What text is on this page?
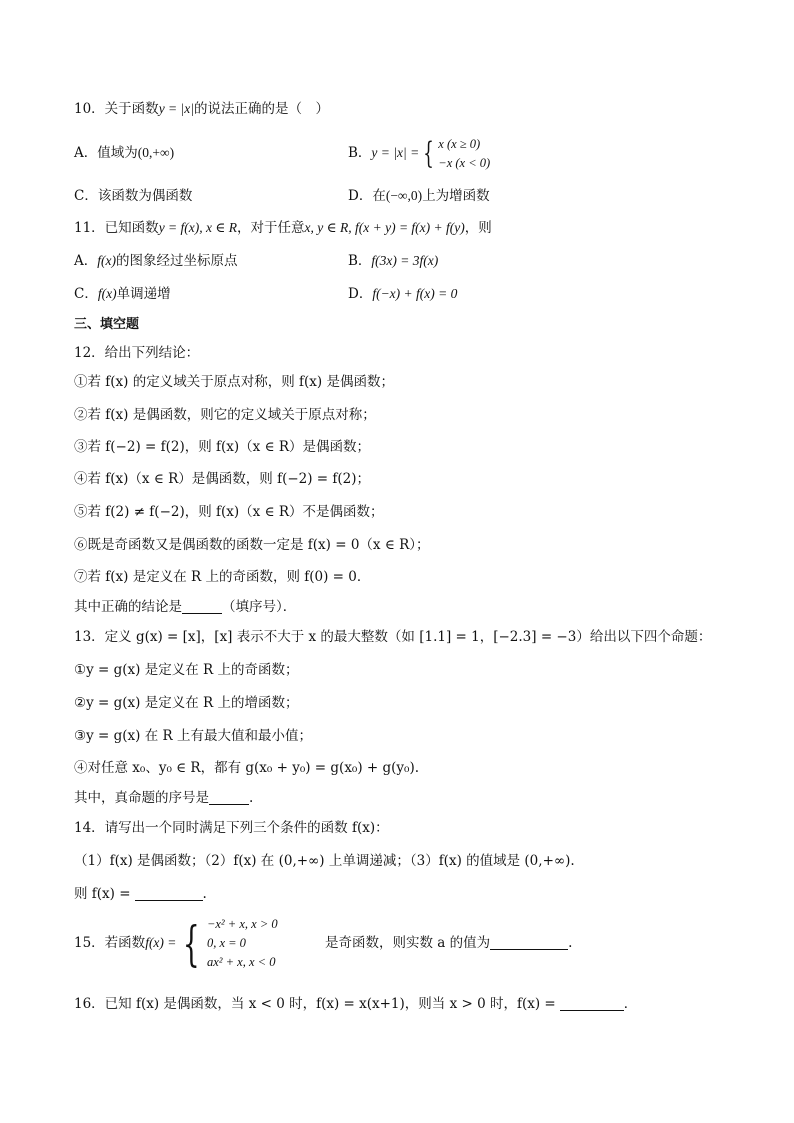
10．关于函数y = |x|的说法正确的是（　）
A．值域为(0,+∞)	B．y = |x| = { x (x ≥ 0)
−x (x < 0)
C．该函数为偶函数	D．在(−∞,0)上为增函数
11．已知函数y = f(x), x ∈ R，对于任意x, y ∈ R, f(x + y) = f(x) + f(y)，则
A．f(x)的图象经过坐标原点	B．f(3x) = 3f(x)
C．f(x)单调递增	D．f(−x) + f(x) = 0
三、填空题
12．给出下列结论：
①若 f(x) 的定义域关于原点对称，则 f(x) 是偶函数；
②若 f(x) 是偶函数，则它的定义域关于原点对称；
③若 f(−2) = f(2)，则 f(x)（x ∈ R）是偶函数；
④若 f(x)（x ∈ R）是偶函数，则 f(−2) = f(2)；
⑤若 f(2) ≠ f(−2)，则 f(x)（x ∈ R）不是偶函数；
⑥既是奇函数又是偶函数的函数一定是 f(x) = 0（x ∈ R）；
⑦若 f(x) 是定义在 R 上的奇函数，则 f(0) = 0．
其中正确的结论是	（填序号）．
13．定义 g(x) = [x]，[x] 表示不大于 x 的最大整数（如 [1.1] = 1，[−2.3] = −3）给出以下四个命题：
①y = g(x) 是定义在 R 上的奇函数；
②y = g(x) 是定义在 R 上的增函数；
③y = g(x) 在 R 上有最大值和最小值；
④对任意 x₀、y₀ ∈ R，都有 g(x₀ + y₀) = g(x₀) + g(y₀).
其中，真命题的序号是	.
14．请写出一个同时满足下列三个条件的函数 f(x)：
（1）f(x) 是偶函数；（2）f(x) 在 (0,+∞) 上单调递减；（3）f(x) 的值域是 (0,+∞).
则 f(x) =	.
15．若函数f(x) = { −x² + x, x > 0
0, x = 0
ax² + x, x < 0是奇函数，则实数 a 的值为	.
16．已知 f(x) 是偶函数，当 x < 0 时，f(x) = x(x+1)，则当 x > 0 时，f(x) =	．
